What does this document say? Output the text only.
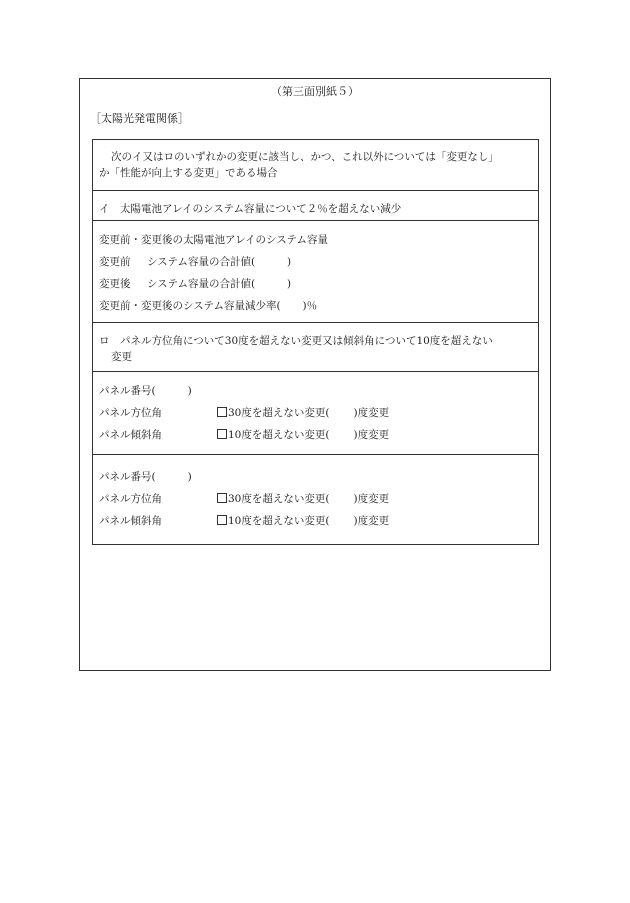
（第三面別紙５）
［太陽光発電関係］
次のイ又はロのいずれかの変更に該当し、かつ、これ以外については「変更なし」
か「性能が向上する変更」である場合
イ　太陽電池アレイのシステム容量について２％を超えない減少
変更前・変更後の太陽電池アレイのシステム容量
変更前 システム容量の合計値(	)
変更後 システム容量の合計値(	)
変更前・変更後のシステム容量減少率( )％
ロ　パネル方位角について30度を超えない変更又は傾斜角について10度を超えない
変更
パネル番号(	)
パネル方位角	30度を超えない変更( )度変更
パネル傾斜角	10度を超えない変更( )度変更
パネル番号(	)
パネル方位角	30度を超えない変更( )度変更
パネル傾斜角	10度を超えない変更( )度変更
